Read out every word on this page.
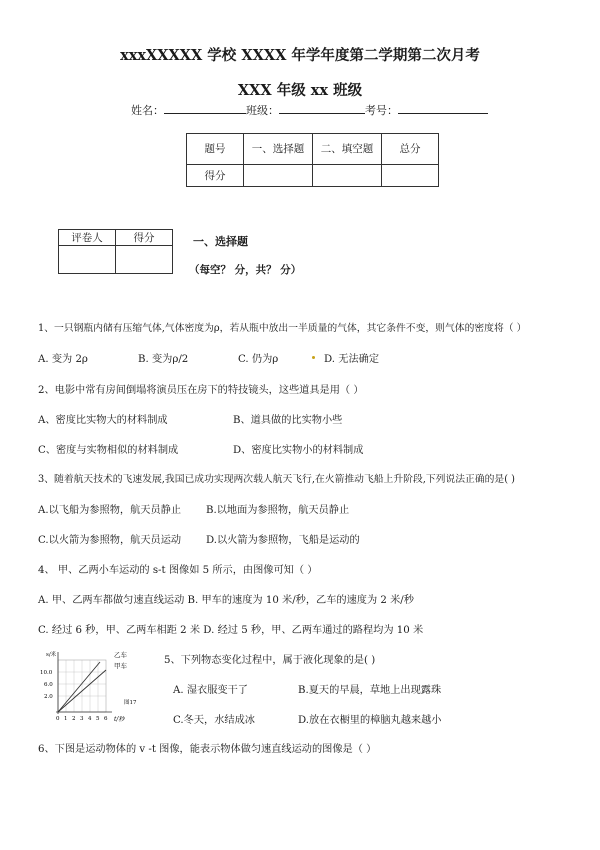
xxxXXXXX 学校 XXXX 年学年度第二学期第二次月考
XXX 年级 xx 班级
姓名：	班级：	考号：
题号	一、选择题	二、填空题	总分
得分			
评卷人	得分
		一、选择题
（每空？ 分，共？ 分）
1、一只钢瓶内储有压缩气体,气体密度为ρ，若从瓶中放出一半质量的气体，其它条件不变，则气体的密度将（ ）
A. 变为 2ρ	B. 变为ρ/2	C. 仍为ρ	D. 无法确定
2、电影中常有房间倒塌将演员压在房下的特技镜头，这些道具是用（ ）
A、密度比实物大的材料制成	B、道具做的比实物小些
C、密度与实物相似的材料制成	D、密度比实物小的材料制成
3、随着航天技术的飞速发展,我国已成功实现两次载人航天飞行,在火箭推动飞船上升阶段,下列说法正确的是( )
A.以飞船为参照物，航天员静止 B.以地面为参照物，航天员静止
C.以火箭为参照物，航天员运动 D.以火箭为参照物，飞船是运动的
4、 甲、乙两小车运动的 s-t 图像如 5 所示，由图像可知（ ）
A. 甲、乙两车都做匀速直线运动 B. 甲车的速度为 10 米/秒，乙车的速度为 2 米/秒
C. 经过 6 秒，甲、乙两车相距 2 米 D. 经过 5 秒，甲、乙两车通过的路程均为 10 米
s/米
10.0
6.0
2.0
0 1 2 3 4 5 6 t/秒
乙车
甲车
图17
5、下列物态变化过程中，属于液化现象的是( )
A. 湿衣服变干了	B.夏天的早晨，草地上出现露珠
C.冬天，水结成冰	D.放在衣橱里的樟脑丸越来越小
6、下图是运动物体的 v -t 图像，能表示物体做匀速直线运动的图像是（ ）
